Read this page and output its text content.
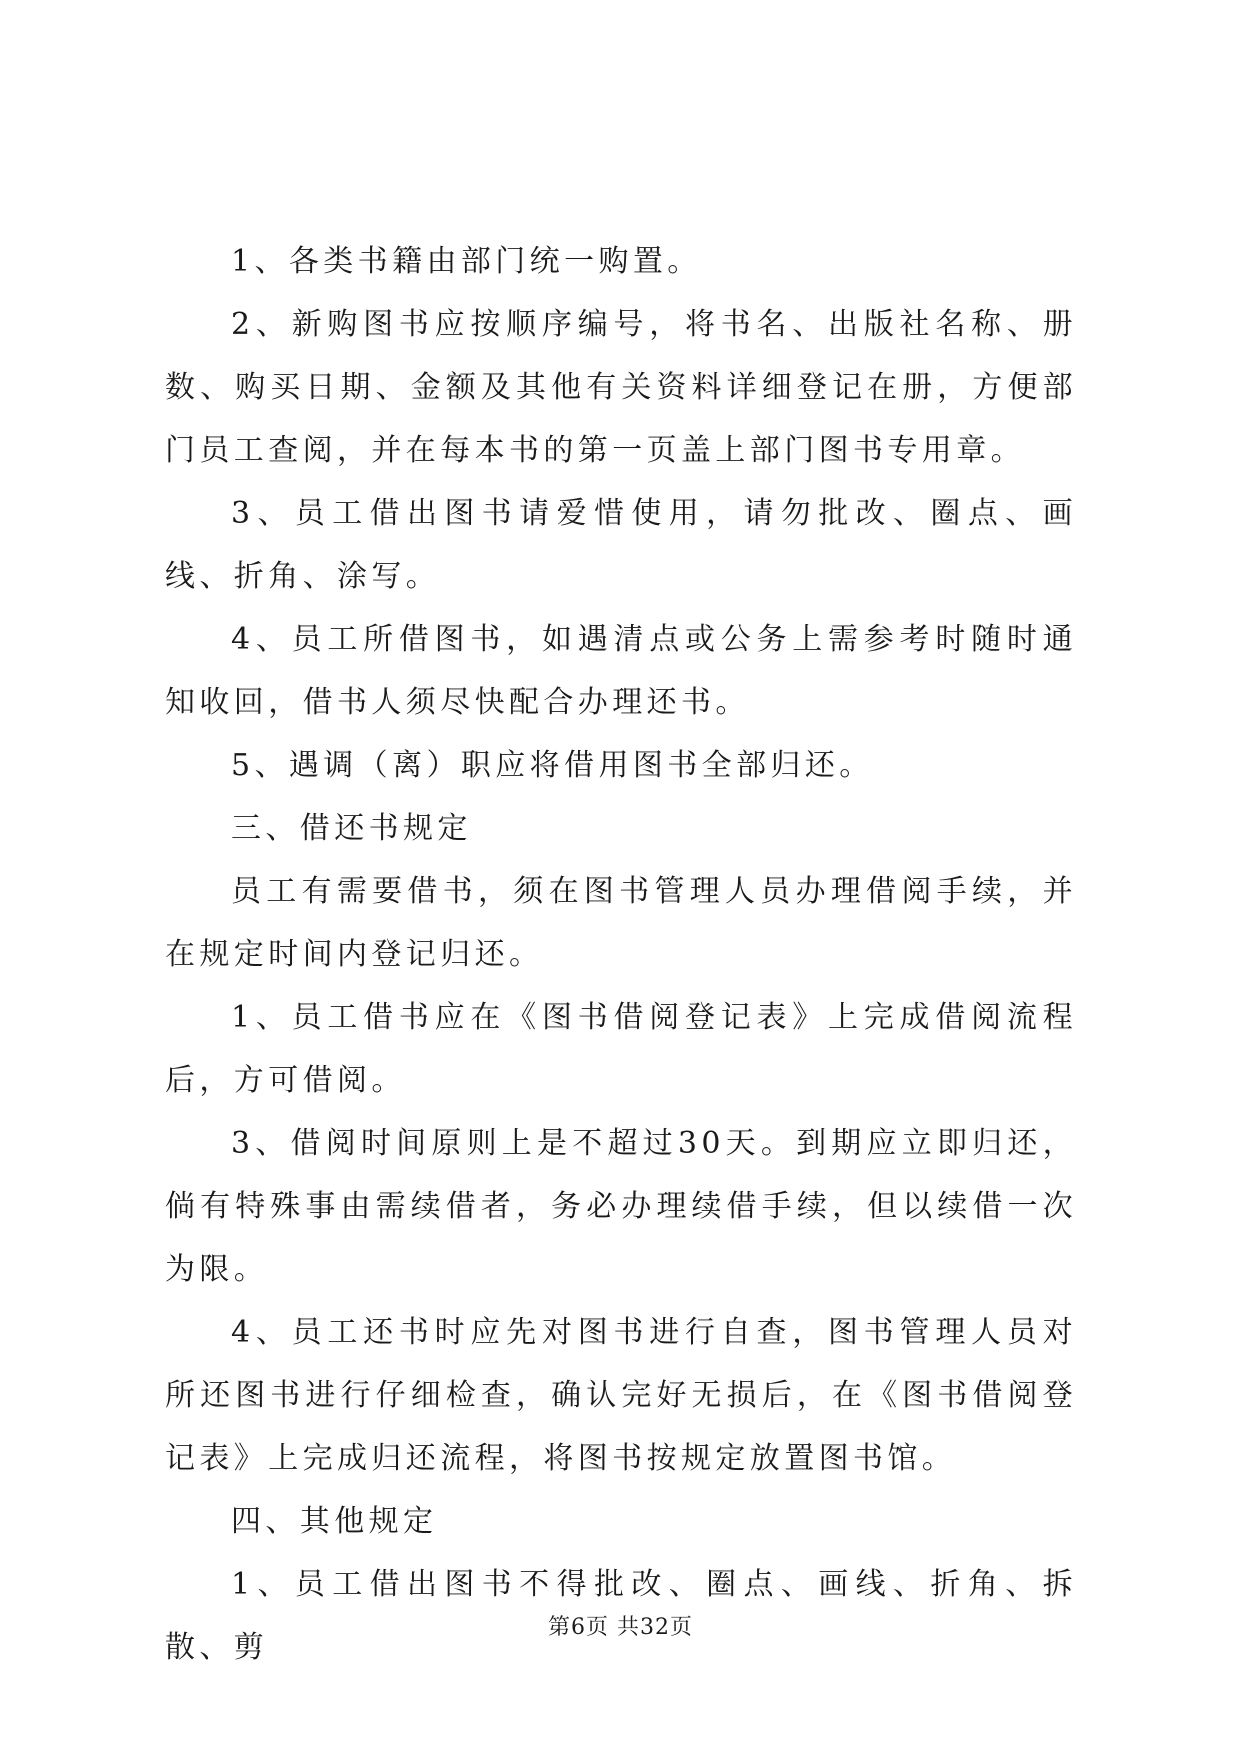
1、各类书籍由部门统一购置。

2、新购图书应按顺序编号，将书名、出版社名称、册数、购买日期、金额及其他有关资料详细登记在册，方便部门员工查阅，并在每本书的第一页盖上部门图书专用章。

3、员工借出图书请爱惜使用，请勿批改、圈点、画线、折角、涂写。

4、员工所借图书，如遇清点或公务上需参考时随时通知收回，借书人须尽快配合办理还书。

5、遇调（离）职应将借用图书全部归还。

三、借还书规定

员工有需要借书，须在图书管理人员办理借阅手续，并在规定时间内登记归还。

1、员工借书应在《图书借阅登记表》上完成借阅流程后，方可借阅。

3、借阅时间原则上是不超过30天。到期应立即归还，倘有特殊事由需续借者，务必办理续借手续，但以续借一次为限。

4、员工还书时应先对图书进行自查，图书管理人员对所还图书进行仔细检查，确认完好无损后，在《图书借阅登记表》上完成归还流程，将图书按规定放置图书馆。

四、其他规定

1、员工借出图书不得批改、圈点、画线、折角、拆散、剪

第6页 共32页
